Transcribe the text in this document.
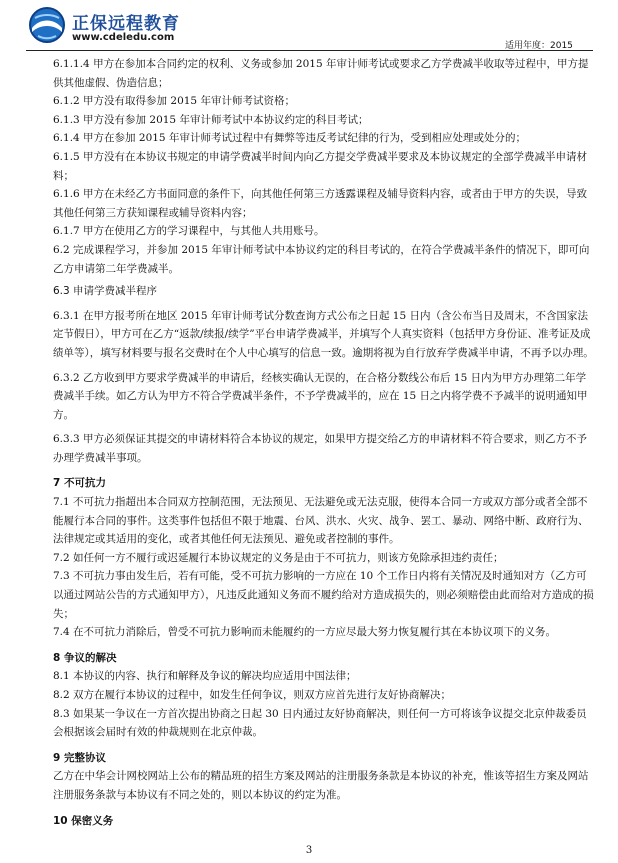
正保远程教育
www.cdeledu.com
适用年度：2015

6.1.1.4 甲方在参加本合同约定的权利、义务或参加 2015 年审计师考试或要求乙方学费减半收取等过程中，甲方提供其他虚假、伪造信息；

6.1.2 甲方没有取得参加 2015 年审计师考试资格；

6.1.3 甲方没有参加 2015 年审计师考试中本协议约定的科目考试；

6.1.4 甲方在参加 2015 年审计师考试过程中有舞弊等违反考试纪律的行为，受到相应处理或处分的；

6.1.5 甲方没有在本协议书规定的申请学费减半时间内向乙方提交学费减半要求及本协议规定的全部学费减半申请材料；

6.1.6 甲方在未经乙方书面同意的条件下，向其他任何第三方透露课程及辅导资料内容，或者由于甲方的失误，导致其他任何第三方获知课程或辅导资料内容；

6.1.7 甲方在使用乙方的学习课程中，与其他人共用账号。

6.2 完成课程学习，并参加 2015 年审计师考试中本协议约定的科目考试的，在符合学费减半条件的情况下，即可向乙方申请第二年学费减半。

6.3 申请学费减半程序

6.3.1 在甲方报考所在地区 2015 年审计师考试分数查询方式公布之日起 15 日内（含公布当日及周末，不含国家法定节假日），甲方可在乙方“返款/续报/续学”平台申请学费减半，并填写个人真实资料（包括甲方身份证、准考证及成绩单等），填写材料要与报名交费时在个人中心填写的信息一致。逾期将视为自行放弃学费减半申请，不再予以办理。

6.3.2 乙方收到甲方要求学费减半的申请后，经核实确认无误的，在合格分数线公布后 15 日内为甲方办理第二年学费减半手续。如乙方认为甲方不符合学费减半条件，不予学费减半的，应在 15 日之内将学费不予减半的说明通知甲方。

6.3.3 甲方必须保证其提交的申请材料符合本协议的规定，如果甲方提交给乙方的申请材料不符合要求，则乙方不予办理学费减半事项。

7 不可抗力

7.1 不可抗力指超出本合同双方控制范围，无法预见、无法避免或无法克服，使得本合同一方或双方部分或者全部不能履行本合同的事件。这类事件包括但不限于地震、台风、洪水、火灾、战争、罢工、暴动、网络中断、政府行为、法律规定或其适用的变化，或者其他任何无法预见、避免或者控制的事件。

7.2 如任何一方不履行或迟延履行本协议规定的义务是由于不可抗力，则该方免除承担违约责任；

7.3 不可抗力事由发生后，若有可能，受不可抗力影响的一方应在 10 个工作日内将有关情况及时通知对方（乙方可以通过网站公告的方式通知甲方），凡违反此通知义务而不履约给对方造成损失的，则必须赔偿由此而给对方造成的损失；

7.4 在不可抗力消除后，曾受不可抗力影响而未能履约的一方应尽最大努力恢复履行其在本协议项下的义务。

8 争议的解决

8.1 本协议的内容、执行和解释及争议的解决均应适用中国法律；

8.2 双方在履行本协议的过程中，如发生任何争议，则双方应首先进行友好协商解决；

8.3 如果某一争议在一方首次提出协商之日起 30 日内通过友好协商解决，则任何一方可将该争议提交北京仲裁委员会根据该会届时有效的仲裁规则在北京仲裁。

9 完整协议

乙方在中华会计网校网站上公布的精品班的招生方案及网站的注册服务条款是本协议的补充，惟该等招生方案及网站注册服务条款与本协议有不同之处的，则以本协议的约定为准。

10 保密义务

3
